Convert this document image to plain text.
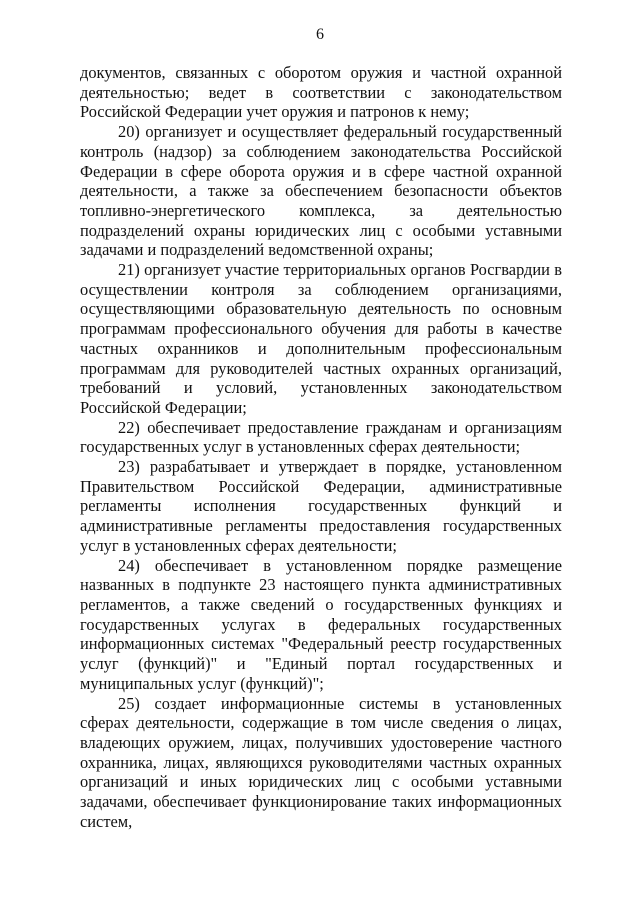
6

документов, связанных с оборотом оружия и частной охранной деятельностью; ведет в соответствии с законодательством Российской Федерации учет оружия и патронов к нему;

20) организует и осуществляет федеральный государственный контроль (надзор) за соблюдением законодательства Российской Федерации в сфере оборота оружия и в сфере частной охранной деятельности, а также за обеспечением безопасности объектов топливно-энергетического комплекса, за деятельностью подразделений охраны юридических лиц с особыми уставными задачами и подразделений ведомственной охраны;

21) организует участие территориальных органов Росгвардии в осуществлении контроля за соблюдением организациями, осуществляющими образовательную деятельность по основным программам профессионального обучения для работы в качестве частных охранников и дополнительным профессиональным программам для руководителей частных охранных организаций, требований и условий, установленных законодательством Российской Федерации;

22) обеспечивает предоставление гражданам и организациям государственных услуг в установленных сферах деятельности;

23) разрабатывает и утверждает в порядке, установленном Правительством Российской Федерации, административные регламенты исполнения государственных функций и административные регламенты предоставления государственных услуг в установленных сферах деятельности;

24) обеспечивает в установленном порядке размещение названных в подпункте 23 настоящего пункта административных регламентов, а также сведений о государственных функциях и государственных услугах в федеральных государственных информационных системах "Федеральный реестр государственных услуг (функций)" и "Единый портал государственных и муниципальных услуг (функций)";

25) создает информационные системы в установленных сферах деятельности, содержащие в том числе сведения о лицах, владеющих оружием, лицах, получивших удостоверение частного охранника, лицах, являющихся руководителями частных охранных организаций и иных юридических лиц с особыми уставными задачами, обеспечивает функционирование таких информационных систем,
